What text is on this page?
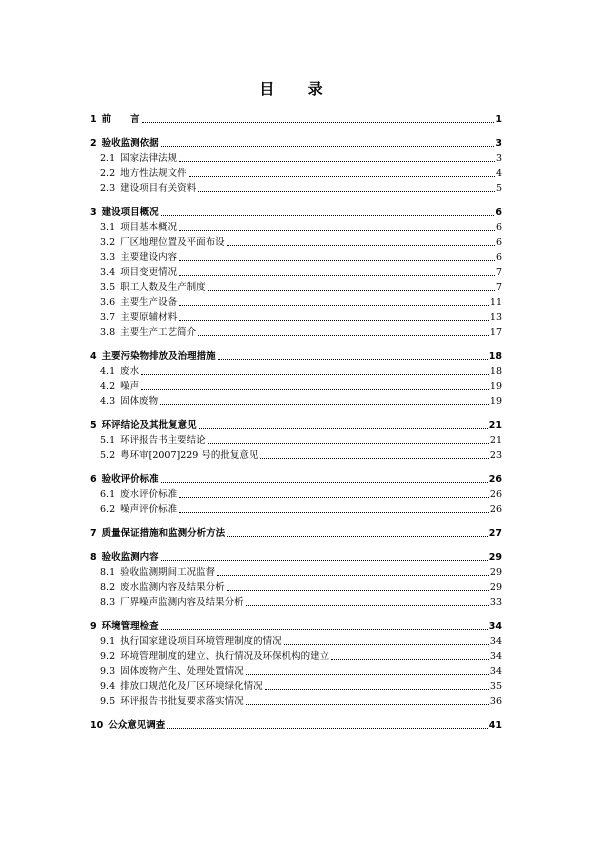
目 录
1 前　　言	1
2 验收监测依据	3
2.1 国家法律法规	3
2.2 地方性法规文件	4
2.3 建设项目有关资料	5
3 建设项目概况	6
3.1 项目基本概况	6
3.2 厂区地理位置及平面布设	6
3.3 主要建设内容	6
3.4 项目变更情况	7
3.5 职工人数及生产制度	7
3.6 主要生产设备	11
3.7 主要原辅材料	13
3.8 主要生产工艺简介	17
4 主要污染物排放及治理措施	18
4.1 废水	18
4.2 噪声	19
4.3 固体废物	19
5 环评结论及其批复意见	21
5.1 环评报告书主要结论	21
5.2 粤环审[2007]229 号的批复意见	23
6 验收评价标准	26
6.1 废水评价标准	26
6.2 噪声评价标准	26
7 质量保证措施和监测分析方法	27
8 验收监测内容	29
8.1 验收监测期间工况监督	29
8.2 废水监测内容及结果分析	29
8.3 厂界噪声监测内容及结果分析	33
9 环境管理检查	34
9.1 执行国家建设项目环境管理制度的情况	34
9.2 环境管理制度的建立、执行情况及环保机构的建立	34
9.3 固体废物产生、处理处置情况	34
9.4 排放口规范化及厂区环境绿化情况	35
9.5 环评报告书批复要求落实情况	36
10 公众意见调查	41
